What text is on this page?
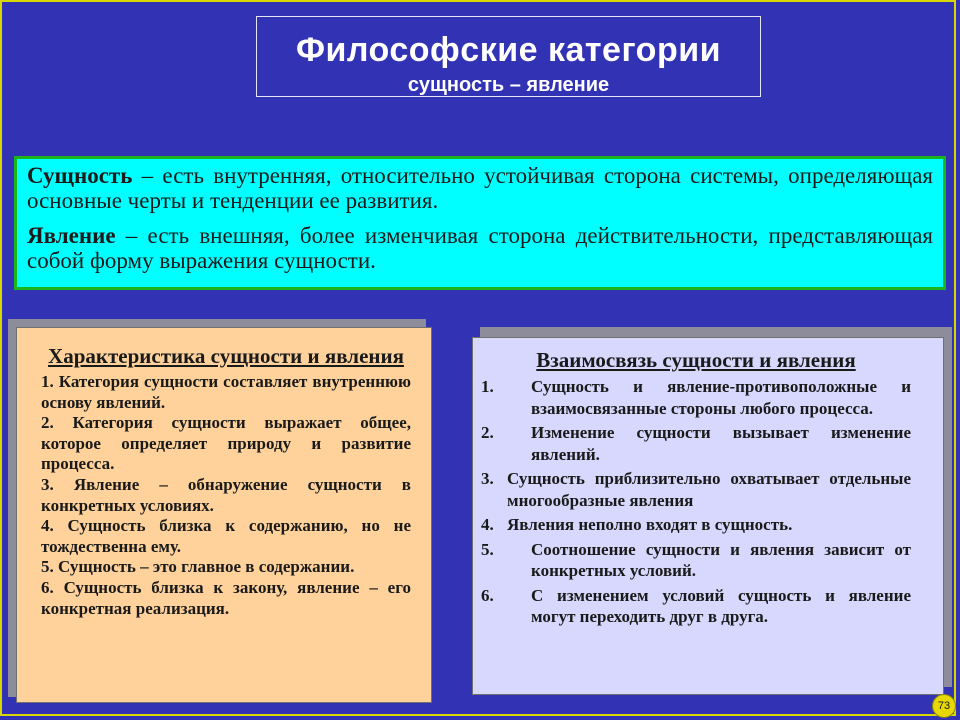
Философские категории
сущность – явление

Сущность – есть внутренняя, относительно устойчивая сторона системы, определяющая основные черты и тенденции ее развития.

Явление – есть внешняя, более изменчивая сторона действительности, представляющая собой форму выражения сущности.

Характеристика сущности и явления
1. Категория сущности составляет внутреннюю основу явлений.
2. Категория сущности выражает общее, которое определяет природу и развитие процесса.
3. Явление – обнаружение сущности в конкретных условиях.
4. Сущность близка к содержанию, но не тождественна ему.
5. Сущность – это главное в содержании.
6. Сущность близка к закону, явление – его конкретная реализация.
Взаимосвязь сущности и явления
1. Сущность и явление-противоположные и взаимосвязанные стороны любого процесса.
2. Изменение сущности вызывает изменение явлений.
3. Сущность приблизительно охватывает отдельные многообразные явления
4. Явления неполно входят в сущность.
5. Соотношение сущности и явления зависит от конкретных условий.
6. С изменением условий сущность и явление могут переходить друг в друга.
73
